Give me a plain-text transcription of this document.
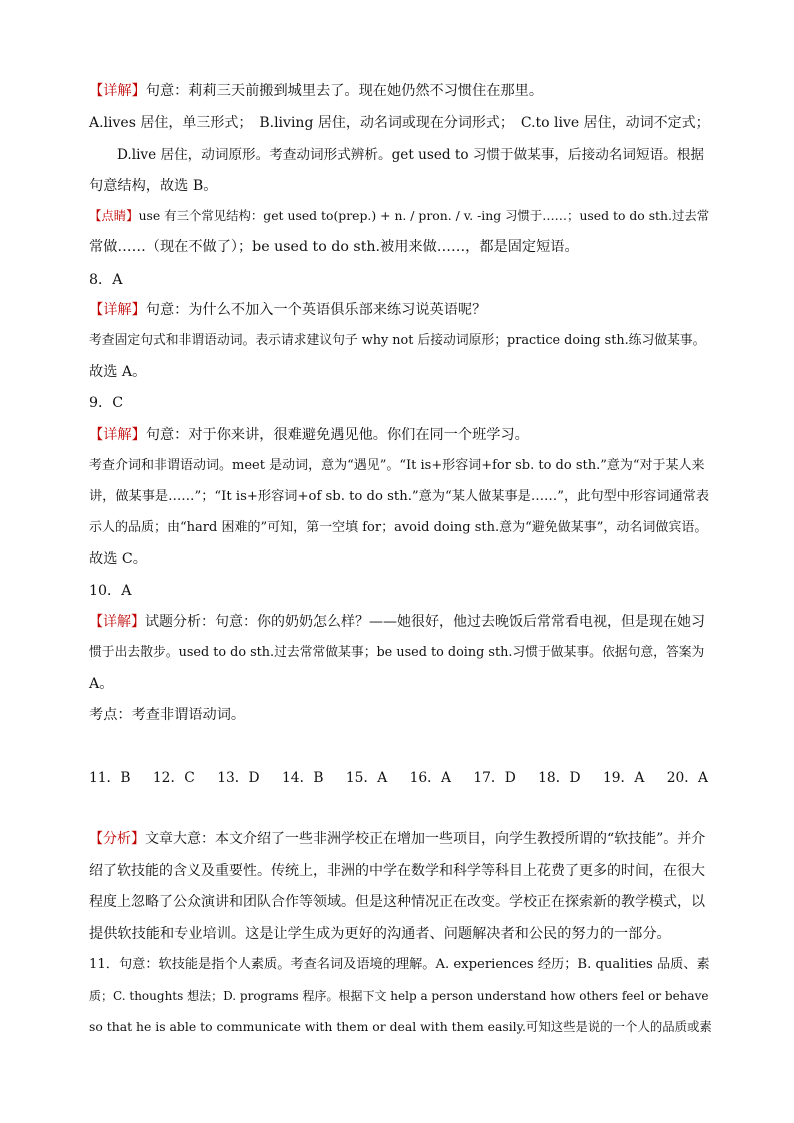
【详解】句意：莉莉三天前搬到城里去了。现在她仍然不习惯住在那里。
A.lives 居住，单三形式；　B.living 居住，动名词或现在分词形式；　C.to live 居住，动词不定式；
D.live 居住，动词原形。考查动词形式辨析。get used to 习惯于做某事，后接动名词短语。根据
句意结构，故选 B。
【点睛】use 有三个常见结构：get used to(prep.) + n. / pron. / v. -ing 习惯于……；used to do sth.过去常
常做……（现在不做了）；be used to do sth.被用来做……，都是固定短语。
8．A
【详解】句意：为什么不加入一个英语俱乐部来练习说英语呢？
考查固定句式和非谓语动词。表示请求建议句子 why not 后接动词原形；practice doing sth.练习做某事。
故选 A。
9．C
【详解】句意：对于你来讲，很难避免遇见他。你们在同一个班学习。
考查介词和非谓语动词。meet 是动词，意为“遇见”。“It is+形容词+for sb. to do sth.”意为“对于某人来
讲，做某事是……”；“It is+形容词+of sb. to do sth.”意为“某人做某事是……”，此句型中形容词通常表
示人的品质；由“hard 困难的”可知，第一空填 for；avoid doing sth.意为“避免做某事”，动名词做宾语。
故选 C。
10．A
【详解】试题分析：句意：你的奶奶怎么样？——她很好，他过去晚饭后常常看电视，但是现在她习
惯于出去散步。used to do sth.过去常常做某事；be used to doing sth.习惯于做某事。依据句意，答案为
A。
考点：考查非谓语动词。
11．B 12．C 13．D 14．B 15．A 16．A 17．D 18．D 19．A 20．A
【分析】文章大意：本文介绍了一些非洲学校正在增加一些项目，向学生教授所谓的“软技能”。并介
绍了软技能的含义及重要性。传统上，非洲的中学在数学和科学等科目上花费了更多的时间，在很大
程度上忽略了公众演讲和团队合作等领域。但是这种情况正在改变。学校正在探索新的教学模式，以
提供软技能和专业培训。这是让学生成为更好的沟通者、问题解决者和公民的努力的一部分。
11．句意：软技能是指个人素质。考查名词及语境的理解。A. experiences 经历；B. qualities 品质、素
质；C. thoughts 想法；D. programs 程序。根据下文 help a person understand how others feel or behave
so that he is able to communicate with them or deal with them easily.可知这些是说的一个人的品质或素
